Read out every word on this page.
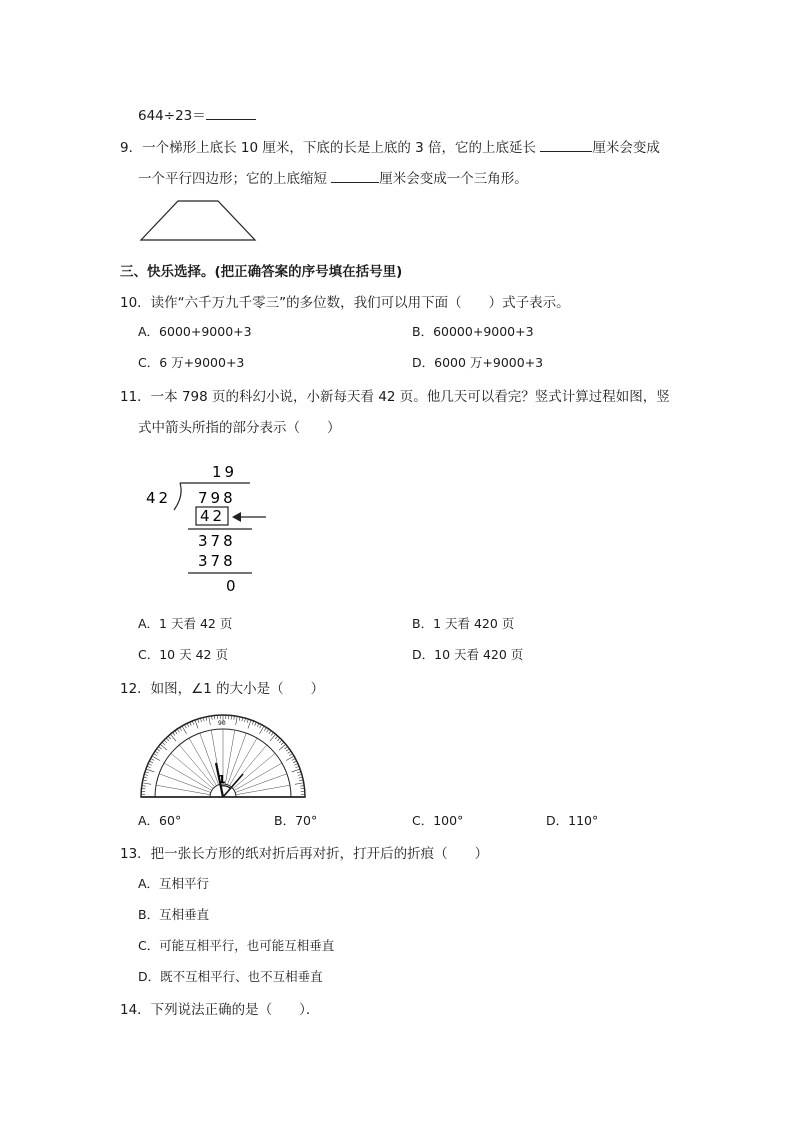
644÷23＝
9．一个梯形上底长 10 厘米，下底的长是上底的 3 倍，它的上底延长	厘米会变成
一个平行四边形；它的上底缩短	厘米会变成一个三角形。
三、快乐选择。(把正确答案的序号填在括号里)
10．读作“六千万九千零三”的多位数，我们可以用下面（　　）式子表示。
A．6000+9000+3	B．60000+9000+3
C．6 万+9000+3	D．6000 万+9000+3
11．一本 798 页的科幻小说，小新每天看 42 页。他几天可以看完？竖式计算过程如图，竖
式中箭头所指的部分表示（　　）
19
42 798
42
378
378
0
A．1 天看 42 页	B．1 天看 420 页
C．10 天 42 页	D．10 天看 420 页
12．如图，∠1 的大小是（　　）
90
1
A．60°	B．70°	C．100°	D．110°
13．把一张长方形的纸对折后再对折，打开后的折痕（　　）
A．互相平行
B．互相垂直
C．可能互相平行，也可能互相垂直
D．既不互相平行、也不互相垂直
14．下列说法正确的是（　　）．
